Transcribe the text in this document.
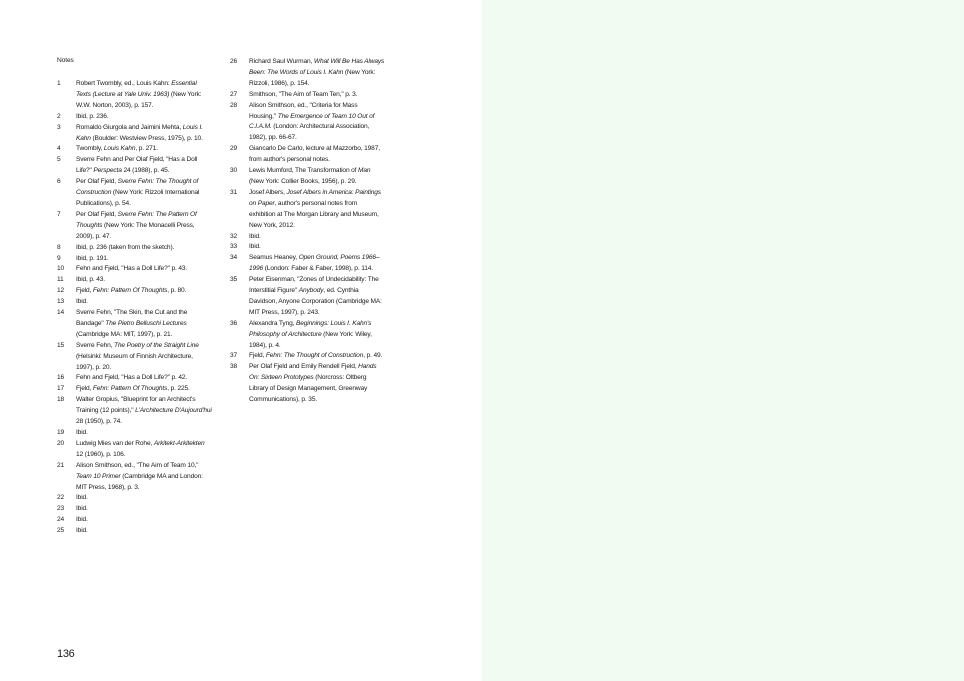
Notes
1 Robert Twombly, ed., Louis Kahn: Essential Texts (Lecture at Yale Univ. 1963) (New York: W.W. Norton, 2003), p. 157.
2 Ibid, p. 236.
3 Romaldo Giurgola and Jaimini Mehta, Louis I. Kahn (Boulder: Westview Press, 1975), p. 10.
4 Twombly, Louis Kahn, p. 271.
5 Sverre Fehn and Per Olaf Fjeld, "Has a Doll Life?" Perspecta 24 (1988), p. 45.
6 Per Olaf Fjeld, Sverre Fehn: The Thought of Construction (New York: Rizzoli International Publications), p. 54.
7 Per Olaf Fjeld, Sverre Fehn: The Pattern Of Thoughts (New York: The Monacelli Press, 2009), p. 47.
8 Ibid, p. 236 (taken from the sketch).
9 Ibid, p. 191.
10 Fehn and Fjeld, "Has a Doll Life?" p. 43.
11 Ibid, p. 43.
12 Fjeld, Fehn: Pattern Of Thoughts, p. 80.
13 Ibid.
14 Sverre Fehn, "The Skin, the Cut and the Bandage" The Pietro Belluschi Lectures (Cambridge MA: MIT, 1997), p. 21.
15 Sverre Fehn, The Poetry of the Straight Line (Helsinki: Museum of Finnish Architecture, 1997), p. 20.
16 Fehn and Fjeld, "Has a Doll Life?" p. 42.
17 Fjeld, Fehn: Pattern Of Thoughts, p. 225.
18 Walter Gropius, "Blueprint for an Architect's Training (12 points)," L'Architecture D'Aujourd'hui 28 (1950), p. 74.
19 Ibid.
20 Ludwig Mies van der Rohe, Arkitekt-Arkitekten 12 (1960), p. 106.
21 Alison Smithson, ed., "The Aim of Team 10," Team 10 Primer (Cambridge MA and London: MIT Press, 1968), p. 3.
22 Ibid.
23 Ibid.
24 Ibid.
25 Ibid.
26 Richard Saul Wurman, What Will Be Has Always Been: The Words of Louis I. Kahn (New York: Rizzoli, 1986), p. 154.
27 Smithson, "The Aim of Team Ten," p. 3.
28 Alison Smithson, ed., "Criteria for Mass Housing," The Emergence of Team 10 Out of C.I.A.M. (London: Architectural Association, 1982), pp. 66-67.
29 Giancarlo De Carlo, lecture at Mazzorbo, 1987, from author's personal notes.
30 Lewis Mumford, The Transformation of Man (New York: Collier Books, 1956), p. 29.
31 Josef Albers, Josef Albers in America: Paintings on Paper, author's personal notes from exhibition at The Morgan Library and Museum, New York, 2012.
32 Ibid.
33 Ibid.
34 Seamus Heaney, Open Ground, Poems 1966–1996 (London: Faber & Faber, 1998), p. 114.
35 Peter Eisenman, "Zones of Undecidability: The Interstitial Figure" Anybody, ed. Cynthia Davidson, Anyone Corporation (Cambridge MA: MIT Press, 1997), p. 243.
36 Alexandra Tyng, Beginnings: Louis I. Kahn's Philosophy of Architecture (New York: Wiley, 1984), p. 4.
37 Fjeld, Fehn: The Thought of Construction, p. 49.
38 Per Olaf Fjeld and Emily Rendell Fjeld, Hands On: Sixteen Prototypes (Norcross: Oltberg Library of Design Management, Greenway Communications), p. 35.
136
